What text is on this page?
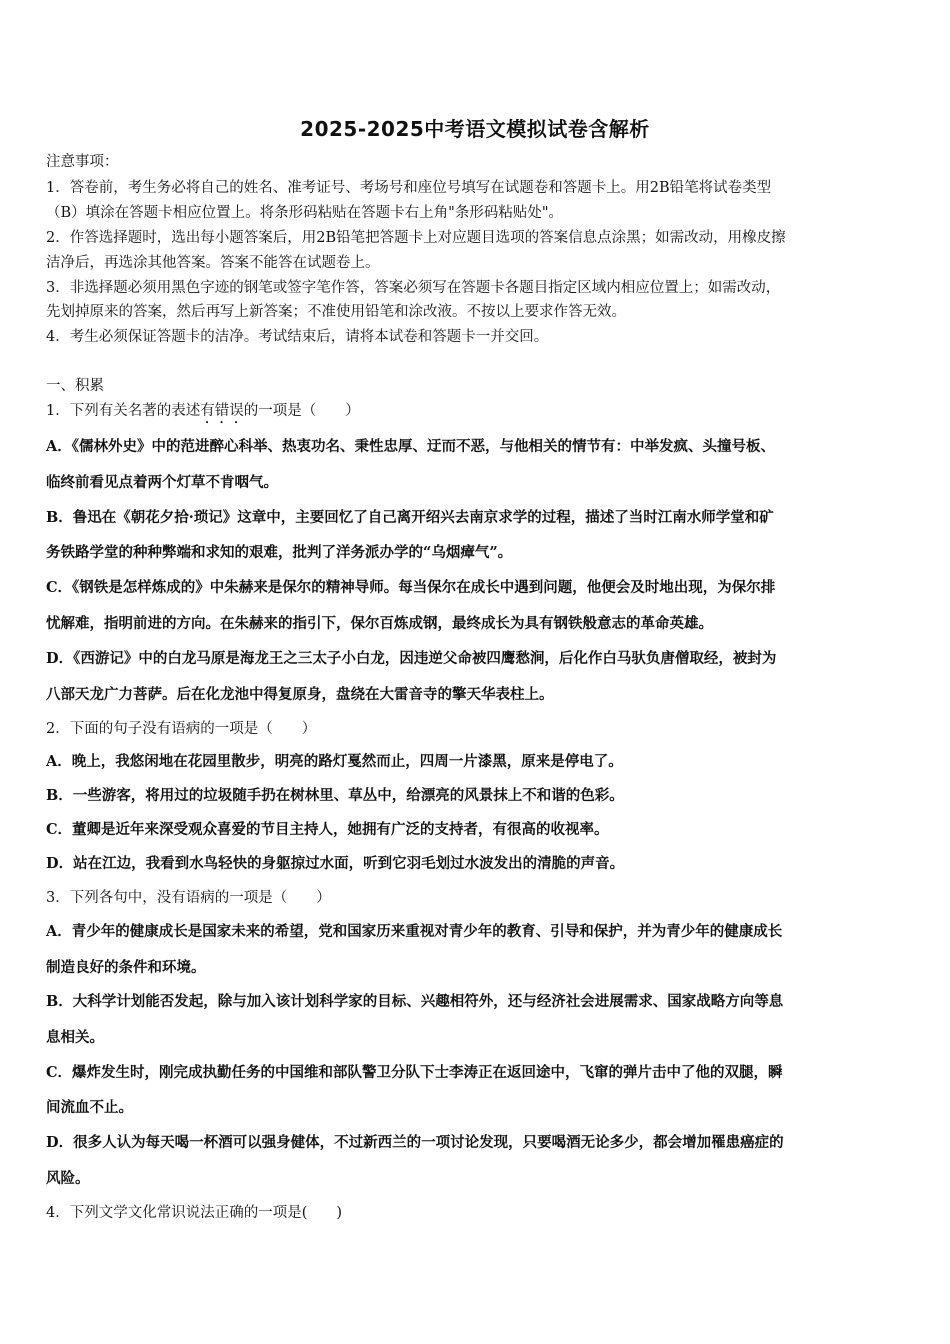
2025-2025中考语文模拟试卷含解析
注意事项：
1．答卷前，考生务必将自己的姓名、准考证号、考场号和座位号填写在试题卷和答题卡上。用2B铅笔将试卷类型
（B）填涂在答题卡相应位置上。将条形码粘贴在答题卡右上角"条形码粘贴处"。
2．作答选择题时，选出每小题答案后，用2B铅笔把答题卡上对应题目选项的答案信息点涂黑；如需改动，用橡皮擦
洁净后，再选涂其他答案。答案不能答在试题卷上。
3．非选择题必须用黑色字迹的钢笔或签字笔作答，答案必须写在答题卡各题目指定区域内相应位置上；如需改动，
先划掉原来的答案，然后再写上新答案；不准使用铅笔和涂改液。不按以上要求作答无效。
4．考生必须保证答题卡的洁净。考试结束后，请将本试卷和答题卡一并交回。
一、积累
1．下列有关名著的表述有错误的一项是（　　）
A．《儒林外史》中的范进醉心科举、热衷功名、秉性忠厚、迂而不恶，与他相关的情节有：中举发疯、头撞号板、
临终前看见点着两个灯草不肯咽气。
B．鲁迅在《朝花夕拾·琐记》这章中，主要回忆了自己离开绍兴去南京求学的过程，描述了当时江南水师学堂和矿
务铁路学堂的种种弊端和求知的艰难，批判了洋务派办学的“乌烟瘴气”。
C．《钢铁是怎样炼成的》中朱赫来是保尔的精神导师。每当保尔在成长中遇到问题，他便会及时地出现，为保尔排
忧解难，指明前进的方向。在朱赫来的指引下，保尔百炼成钢，最终成长为具有钢铁般意志的革命英雄。
D．《西游记》中的白龙马原是海龙王之三太子小白龙，因违逆父命被四鹰愁涧，后化作白马驮负唐僧取经，被封为
八部天龙广力菩萨。后在化龙池中得复原身，盘绕在大雷音寺的擎天华表柱上。
2．下面的句子没有语病的一项是（　　）
A．晚上，我悠闲地在花园里散步，明亮的路灯戛然而止，四周一片漆黑，原来是停电了。
B．一些游客，将用过的垃圾随手扔在树林里、草丛中，给漂亮的风景抹上不和谐的色彩。
C．董卿是近年来深受观众喜爱的节目主持人，她拥有广泛的支持者，有很高的收视率。
D．站在江边，我看到水鸟轻快的身躯掠过水面，听到它羽毛划过水波发出的清脆的声音。
3．下列各句中，没有语病的一项是（　　）
A．青少年的健康成长是国家未来的希望，党和国家历来重视对青少年的教育、引导和保护，并为青少年的健康成长
制造良好的条件和环境。
B．大科学计划能否发起，除与加入该计划科学家的目标、兴趣相符外，还与经济社会进展需求、国家战略方向等息
息相关。
C．爆炸发生时，刚完成执勤任务的中国维和部队警卫分队下士李涛正在返回途中，飞窜的弹片击中了他的双腿，瞬
间流血不止。
D．很多人认为每天喝一杯酒可以强身健体，不过新西兰的一项讨论发现，只要喝酒无论多少，都会增加罹患癌症的
风险。
4．下列文学文化常识说法正确的一项是(　　)
